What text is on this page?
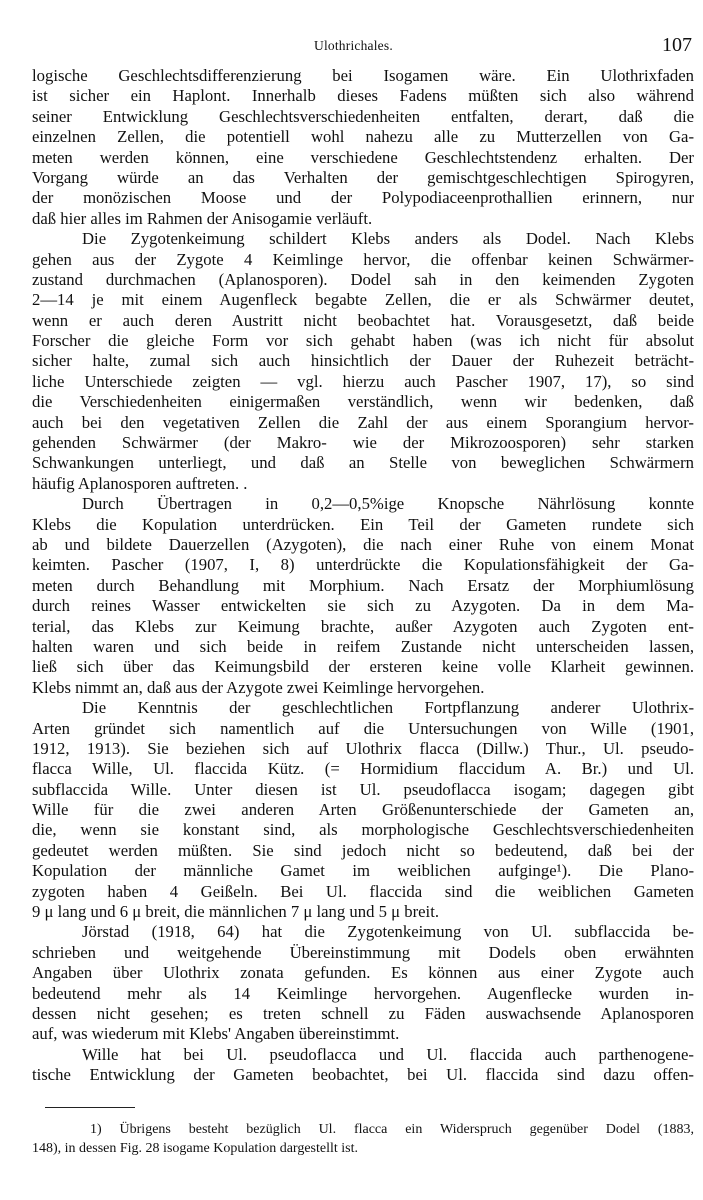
Ulothrichales.	107
logische Geschlechtsdifferenzierung bei Isogamen wäre. Ein Ulothrixfaden
ist sicher ein Haplont. Innerhalb dieses Fadens müßten sich also während
seiner Entwicklung Geschlechtsverschiedenheiten entfalten, derart, daß die
einzelnen Zellen, die potentiell wohl nahezu alle zu Mutterzellen von Ga-
meten werden können, eine verschiedene Geschlechtstendenz erhalten. Der
Vorgang würde an das Verhalten der gemischtgeschlechtigen Spirogyren,
der monözischen Moose und der Polypodiaceenprothallien erinnern, nur
daß hier alles im Rahmen der Anisogamie verläuft.
Die Zygotenkeimung schildert Klebs anders als Dodel. Nach Klebs
gehen aus der Zygote 4 Keimlinge hervor, die offenbar keinen Schwärmer-
zustand durchmachen (Aplanosporen). Dodel sah in den keimenden Zygoten
2—14 je mit einem Augenfleck begabte Zellen, die er als Schwärmer deutet,
wenn er auch deren Austritt nicht beobachtet hat. Vorausgesetzt, daß beide
Forscher die gleiche Form vor sich gehabt haben (was ich nicht für absolut
sicher halte, zumal sich auch hinsichtlich der Dauer der Ruhezeit beträcht-
liche Unterschiede zeigten — vgl. hierzu auch Pascher 1907, 17), so sind
die Verschiedenheiten einigermaßen verständlich, wenn wir bedenken, daß
auch bei den vegetativen Zellen die Zahl der aus einem Sporangium hervor-
gehenden Schwärmer (der Makro- wie der Mikrozoosporen) sehr starken
Schwankungen unterliegt, und daß an Stelle von beweglichen Schwärmern
häufig Aplanosporen auftreten. .
Durch Übertragen in 0,2—0,5%ige Knopsche Nährlösung konnte
Klebs die Kopulation unterdrücken. Ein Teil der Gameten rundete sich
ab und bildete Dauerzellen (Azygoten), die nach einer Ruhe von einem Monat
keimten. Pascher (1907, I, 8) unterdrückte die Kopulationsfähigkeit der Ga-
meten durch Behandlung mit Morphium. Nach Ersatz der Morphiumlösung
durch reines Wasser entwickelten sie sich zu Azygoten. Da in dem Ma-
terial, das Klebs zur Keimung brachte, außer Azygoten auch Zygoten ent-
halten waren und sich beide in reifem Zustande nicht unterscheiden lassen,
ließ sich über das Keimungsbild der ersteren keine volle Klarheit gewinnen.
Klebs nimmt an, daß aus der Azygote zwei Keimlinge hervorgehen.
Die Kenntnis der geschlechtlichen Fortpflanzung anderer Ulothrix-
Arten gründet sich namentlich auf die Untersuchungen von Wille (1901,
1912, 1913). Sie beziehen sich auf Ulothrix flacca (Dillw.) Thur., Ul. pseudo-
flacca Wille, Ul. flaccida Kütz. (= Hormidium flaccidum A. Br.) und Ul.
subflaccida Wille. Unter diesen ist Ul. pseudoflacca isogam; dagegen gibt
Wille für die zwei anderen Arten Größenunterschiede der Gameten an,
die, wenn sie konstant sind, als morphologische Geschlechtsverschiedenheiten
gedeutet werden müßten. Sie sind jedoch nicht so bedeutend, daß bei der
Kopulation der männliche Gamet im weiblichen aufginge¹). Die Plano-
zygoten haben 4 Geißeln. Bei Ul. flaccida sind die weiblichen Gameten
9 μ lang und 6 μ breit, die männlichen 7 μ lang und 5 μ breit.
Jörstad (1918, 64) hat die Zygotenkeimung von Ul. subflaccida be-
schrieben und weitgehende Übereinstimmung mit Dodels oben erwähnten
Angaben über Ulothrix zonata gefunden. Es können aus einer Zygote auch
bedeutend mehr als 14 Keimlinge hervorgehen. Augenflecke wurden in-
dessen nicht gesehen; es treten schnell zu Fäden auswachsende Aplanosporen
auf, was wiederum mit Klebs' Angaben übereinstimmt.
Wille hat bei Ul. pseudoflacca und Ul. flaccida auch parthenogene-
tische Entwicklung der Gameten beobachtet, bei Ul. flaccida sind dazu offen-
1) Übrigens besteht bezüglich Ul. flacca ein Widerspruch gegenüber Dodel (1883,
148), in dessen Fig. 28 isogame Kopulation dargestellt ist.
